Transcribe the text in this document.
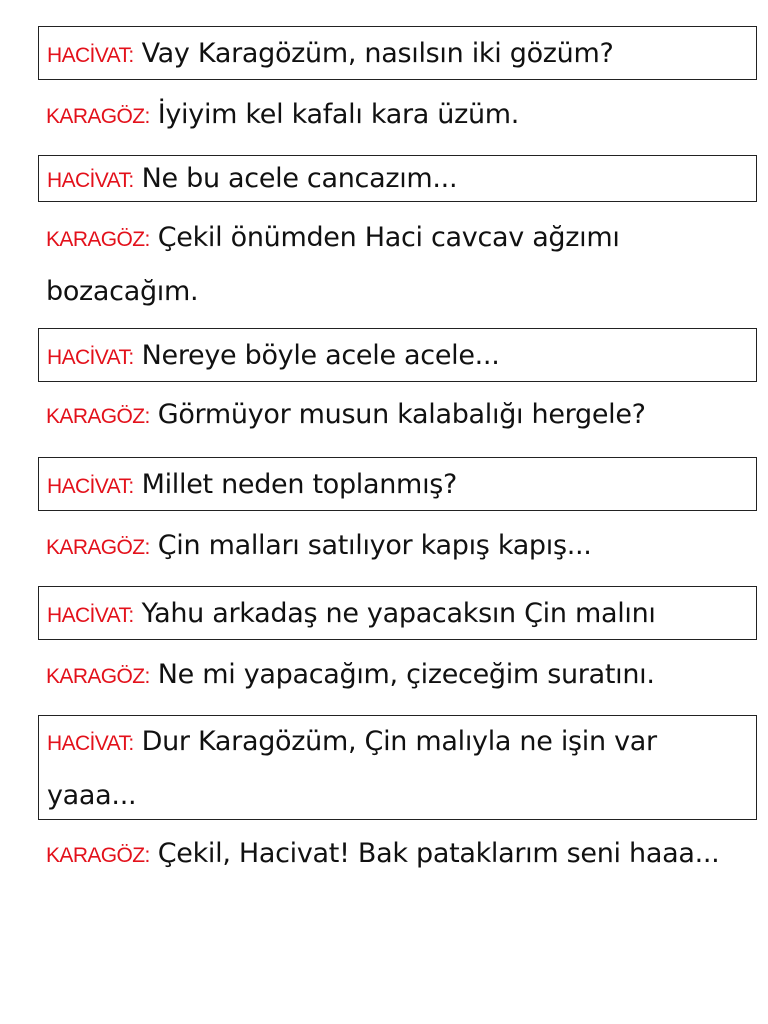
HACİVAT: Vay Karagözüm, nasılsın iki gözüm?
KARAGÖZ: İyiyim kel kafalı kara üzüm.
HACİVAT: Ne bu acele cancazım...
KARAGÖZ: Çekil önümden Haci cavcav ağzımı bozacağım.
HACİVAT: Nereye böyle acele acele...
KARAGÖZ: Görmüyor musun kalabalığı hergele?
HACİVAT: Millet neden toplanmış?
KARAGÖZ: Çin malları satılıyor kapış kapış...
HACİVAT: Yahu arkadaş ne yapacaksın Çin malını
KARAGÖZ: Ne mi yapacağım, çizeceğim suratını.
HACİVAT: Dur Karagözüm, Çin malıyla ne işin var yaaa...
KARAGÖZ: Çekil, Hacivat! Bak pataklarım seni haaa...
